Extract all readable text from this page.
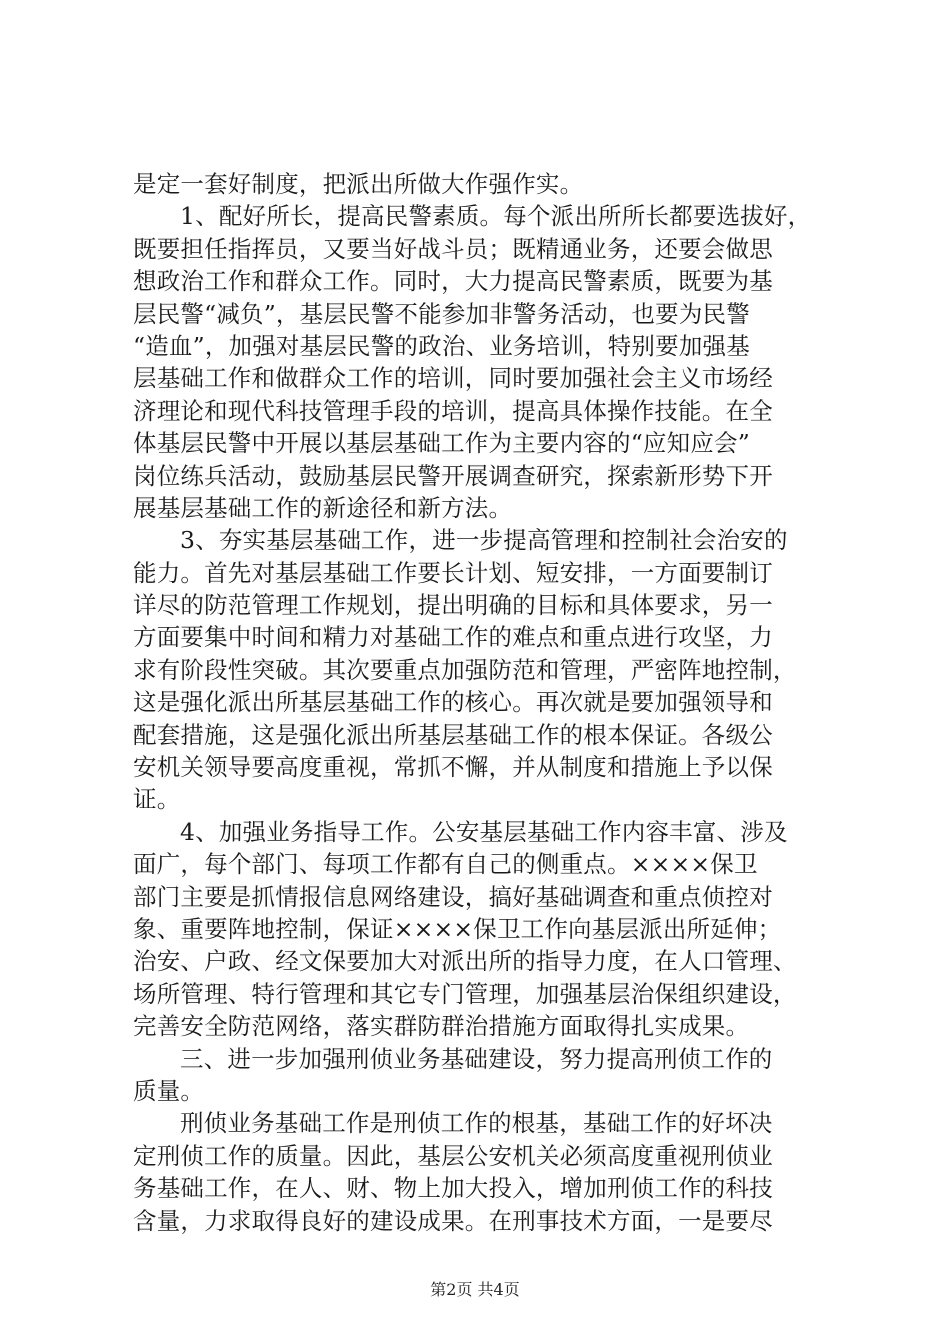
是定一套好制度，把派出所做大作强作实。
1、配好所长，提高民警素质。每个派出所所长都要选拔好，
既要担任指挥员，又要当好战斗员；既精通业务，还要会做思
想政治工作和群众工作。同时，大力提高民警素质，既要为基
层民警“减负”，基层民警不能参加非警务活动，也要为民警
“造血”，加强对基层民警的政治、业务培训，特别要加强基
层基础工作和做群众工作的培训，同时要加强社会主义市场经
济理论和现代科技管理手段的培训，提高具体操作技能。在全
体基层民警中开展以基层基础工作为主要内容的“应知应会”
岗位练兵活动，鼓励基层民警开展调查研究，探索新形势下开
展基层基础工作的新途径和新方法。
3、夯实基层基础工作，进一步提高管理和控制社会治安的
能力。首先对基层基础工作要长计划、短安排，一方面要制订
详尽的防范管理工作规划，提出明确的目标和具体要求，另一
方面要集中时间和精力对基础工作的难点和重点进行攻坚，力
求有阶段性突破。其次要重点加强防范和管理，严密阵地控制，
这是强化派出所基层基础工作的核心。再次就是要加强领导和
配套措施，这是强化派出所基层基础工作的根本保证。各级公
安机关领导要高度重视，常抓不懈，并从制度和措施上予以保
证。
4、加强业务指导工作。公安基层基础工作内容丰富、涉及
面广，每个部门、每项工作都有自己的侧重点。××××保卫
部门主要是抓情报信息网络建设，搞好基础调查和重点侦控对
象、重要阵地控制，保证××××保卫工作向基层派出所延伸；
治安、户政、经文保要加大对派出所的指导力度，在人口管理、
场所管理、特行管理和其它专门管理，加强基层治保组织建设，
完善安全防范网络，落实群防群治措施方面取得扎实成果。
三、进一步加强刑侦业务基础建设，努力提高刑侦工作的
质量。
刑侦业务基础工作是刑侦工作的根基，基础工作的好坏决
定刑侦工作的质量。因此，基层公安机关必须高度重视刑侦业
务基础工作，在人、财、物上加大投入，增加刑侦工作的科技
含量，力求取得良好的建设成果。在刑事技术方面，一是要尽
第2页 共4页
